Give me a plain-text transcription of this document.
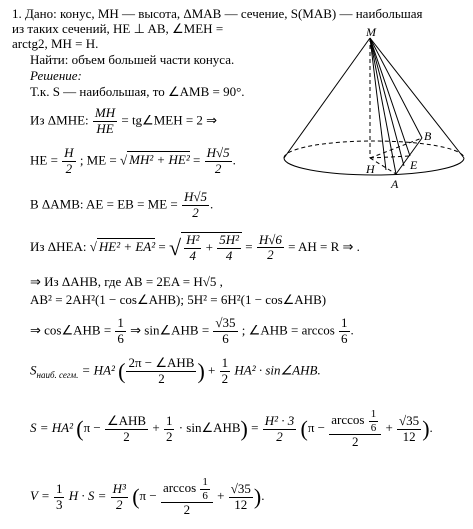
1. Дано: конус, MH — высота, ΔMAB — сечение, S(MAB) — наибольшая
из таких сечений, HE ⊥ AB, ∠MEH =
arctg2, MH = H.
Найти: объем большей части конуса.
Решение:
Т.к. S — наибольшая, то ∠AMB = 90°.
Из ΔMHE: $\frac{MH}{HE}$ = tg∠MEH = 2 ⇒
HE = $\frac{H}{2}$ ; ME = √ $MH^2 + HE^2 = \frac{H√5}{2}$ .
В ΔAMB: AE = EB = ME = $\frac{H√5}{2}$ .
Из ΔHEA: √ HE² + EA² = √ $\frac{\text{H²}}{4} + \frac{\text{5H²}}{4} = \frac{H√6}{2}$ = AH = R ⇒ .
⇒ Из ΔAHB, где AB = 2EA = H√5 ,
AB² = 2AH²(1 − cos∠AHB); 5H² = 6H²(1 − cos∠AHB)
⇒ cos∠AHB = $\frac{1}{6}$ ⇒ sin∠AHB = $\frac{√35}{6}$ ; ∠AHB = $\arccos \frac{1}{6}$ .
$S_{наиб. сегм.} = HA^2$ ( $\frac{\text{2π − ∠AHB}}{2}$ ) + $\frac{1}{2} HA^2$ · sin∠AHB.
S = HA² ($\pi - \frac{\text{∠AHB}}{2} + \frac{1}{2}$ · sin∠AHB) = $\frac{\text{H² · 3}}{2} (\pi - \frac{\arccos \frac{1}{6}}{2} + \frac{√35}{12}$ ).
$V = \frac{1}{3}$ $H \cdot S = \frac{\text{H³}}{2} (\pi - \frac{\arccos \frac{1}{6}}{2} + \frac{√35}{12}$ ).
M
B
H	E
A
